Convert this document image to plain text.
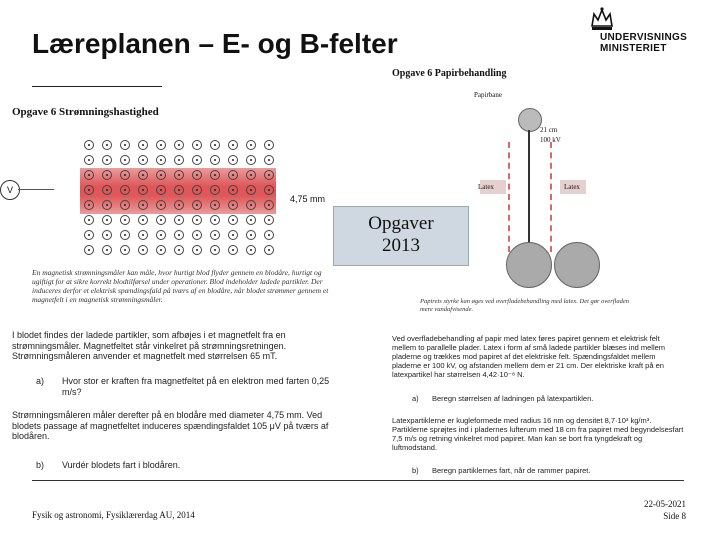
Læreplanen – E- og B-felter	UNDERVISNINGS
MINISTERIET
Opgave 6 Strømningshastighed
V
4,75 mm
En magnetisk strømningsmåler kan måle, hvor hurtigt blod flyder gennem en blodåre, hurtigt og ugiftigt for at sikre korrekt blodtilførsel under operationer. Blod indeholder ladede partikler. Der induceres derfor et elektrisk spændingsfald på tværs af en blodåre, når blodet strømmer gennem et magnetfelt i en magnetisk strømningsmåler.
I blodet findes der ladede partikler, som afbøjes i et magnetfelt fra en strømningsmåler. Magnetfeltet står vinkelret på strømningsretningen. Strømningsmåleren anvender et magnetfelt med størrelsen 65 mT.
a) Hvor stor er kraften fra magnetfeltet på en elektron med farten 0,25 m/s?
Strømningsmåleren måler derefter på en blodåre med diameter 4,75 mm. Ved blodets passage af magnetfeltet induceres spændingsfaldet 105 μV på tværs af blodåren.
b) Vurdér blodets fart i blodåren.
Opgave 6 Papirbehandling
Papirbane
21 cm
100 kV
Latex	Latex
Papirets styrke kan øges ved overfladebehandling med latex. Det gør overfladen mere vandafvisende.
Ved overfladebehandling af papir med latex føres papiret gennem et elektrisk felt mellem to parallelle plader. Latex i form af små ladede partikler blæses ind mellem pladerne og trækkes mod papiret af det elektriske felt. Spændingsfaldet mellem pladerne er 100 kV, og afstanden mellem dem er 21 cm. Der elektriske kraft på en latexpartikel har størrelsen 4,42·10⁻⁸ N.
a) Beregn størrelsen af ladningen på latexpartiklen.
Latexpartiklerne er kugleformede med radius 16 nm og densitet 8,7·10³ kg/m³. Partiklerne sprøjtes ind i pladernes lufterum med 18 cm fra papiret med begyndelsesfart 7,5 m/s og retning vinkelret mod papiret. Man kan se bort fra tyngdekraft og luftmodstand.
b) Beregn partiklernes fart, når de rammer papiret.
Opgaver
2013
Fysik og astronomi, Fysiklærerdag AU, 2014
22-05-2021
Side 8
